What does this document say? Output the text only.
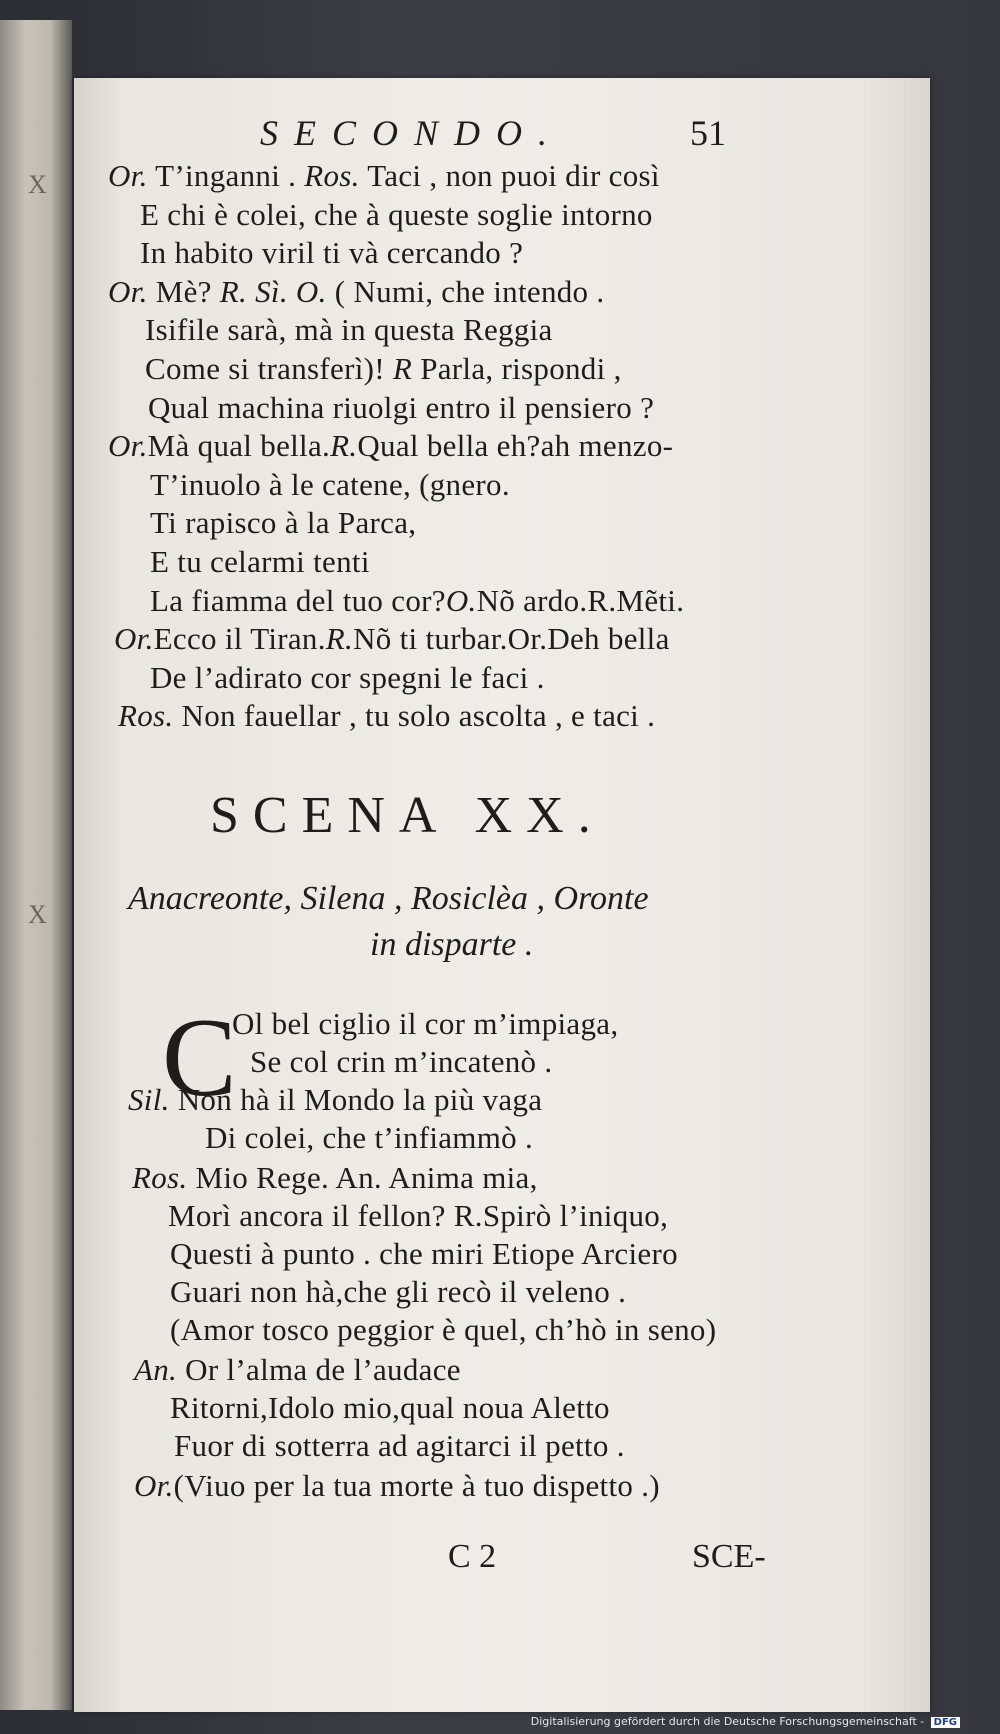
X
X
SECONDO.	51
Or. T’inganni . Ros. Taci , non puoi dir così
E chi è colei, che à queste soglie intorno
In habito viril ti và cercando ?
Or. Mè? R. Sì. O. ( Numi, che intendo .
Isifile sarà, mà in questa Reggia
Come si transferì)! R Parla, rispondi ,
Qual machina riuolgi entro il pensiero ?
Or.Mà qual bella.R.Qual bella eh?ah menzo-
T’inuolo à le catene, (gnero.
Ti rapisco à la Parca,
E tu celarmi tenti
La fiamma del tuo cor?O.Nõ ardo.R.Mẽti.
Or.Ecco il Tiran.R.Nõ ti turbar.Or.Deh bella
De l’adirato cor spegni le faci .
Ros. Non fauellar , tu solo ascolta , e taci .
SCENA XX.
Anacreonte, Silena , Rosiclèa , Oronte
in disparte .
C
Ol bel ciglio il cor m’impiaga,
Se col crin m’incatenò .
Sil. Non hà il Mondo la più vaga
Di colei, che t’infiammò .
Ros. Mio Rege. An. Anima mia,
Morì ancora il fellon? R.Spirò l’iniquo,
Questi à punto . che miri Etiope Arciero
Guari non hà,che gli recò il veleno .
(Amor tosco peggior è quel, ch’hò in seno)
An. Or l’alma de l’audace
Ritorni,Idolo mio,qual noua Aletto
Fuor di sotterra ad agitarci il petto .
Or.(Viuo per la tua morte à tuo dispetto .)
C 2	SCE-
Digitalisierung gefördert durch die Deutsche Forschungsgemeinschaft - DFG
